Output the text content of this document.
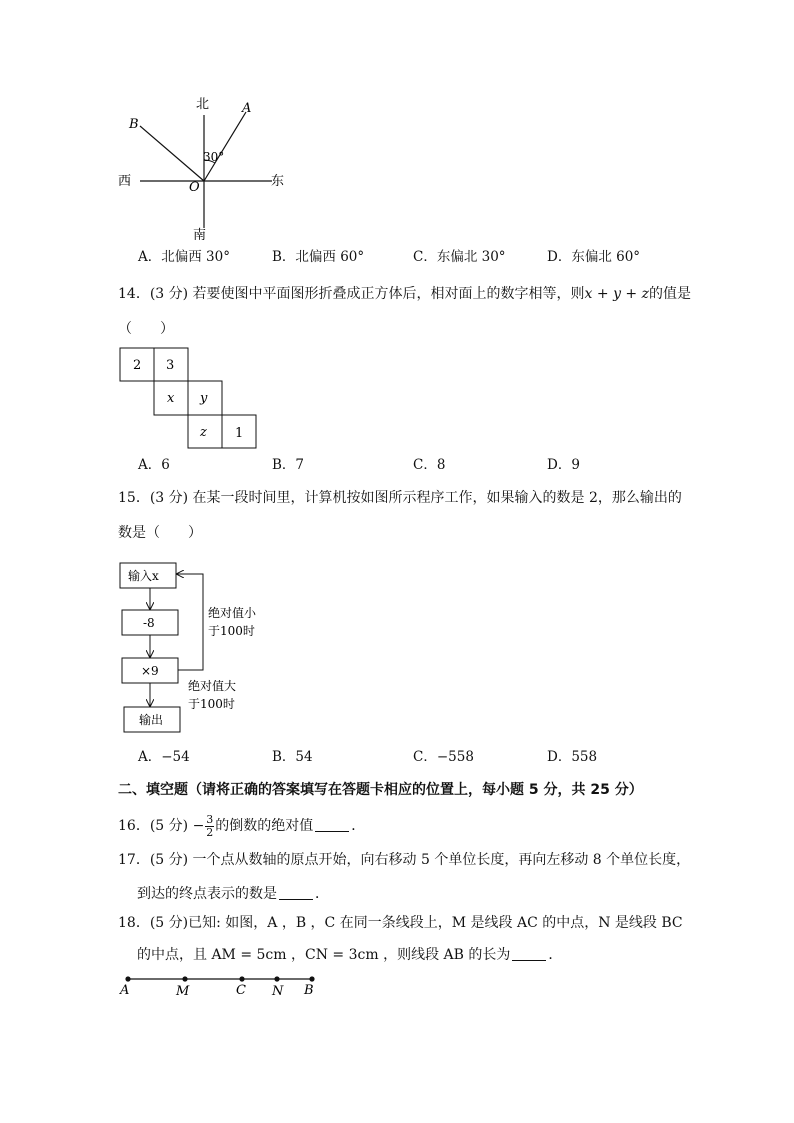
北
南
西	东
A
B
O
30°
A．北偏西 30°	B．北偏西 60°	C．东偏北 30°	D．东偏北 60°
14．(3 分) 若要使图中平面图形折叠成正方体后，相对面上的数字相等，则x + y + z的值是
（　　）
2 3
x y
z 1
A．6	B．7	C．8	D．9
15．(3 分) 在某一段时间里，计算机按如图所示程序工作，如果输入的数是 2，那么输出的
数是（　　）
输入x
-8
×9
输出
绝对值小
于100时
绝对值大
于100时
A．−54	B．54	C．−558	D．558
二、填空题（请将正确的答案填写在答题卡相应的位置上，每小题 5 分，共 25 分）
16．(5 分) − $\frac{3}{2}$ 的倒数的绝对值	．
17．(5 分) 一个点从数轴的原点开始，向右移动 5 个单位长度，再向左移动 8 个单位长度，
到达的终点表示的数是	．
18．(5 分)已知: 如图，A ，B ，C 在同一条线段上，M 是线段 AC 的中点，N 是线段 BC
的中点，且 AM = 5cm ，CN = 3cm ，则线段 AB 的长为	．
A	M	C N B
